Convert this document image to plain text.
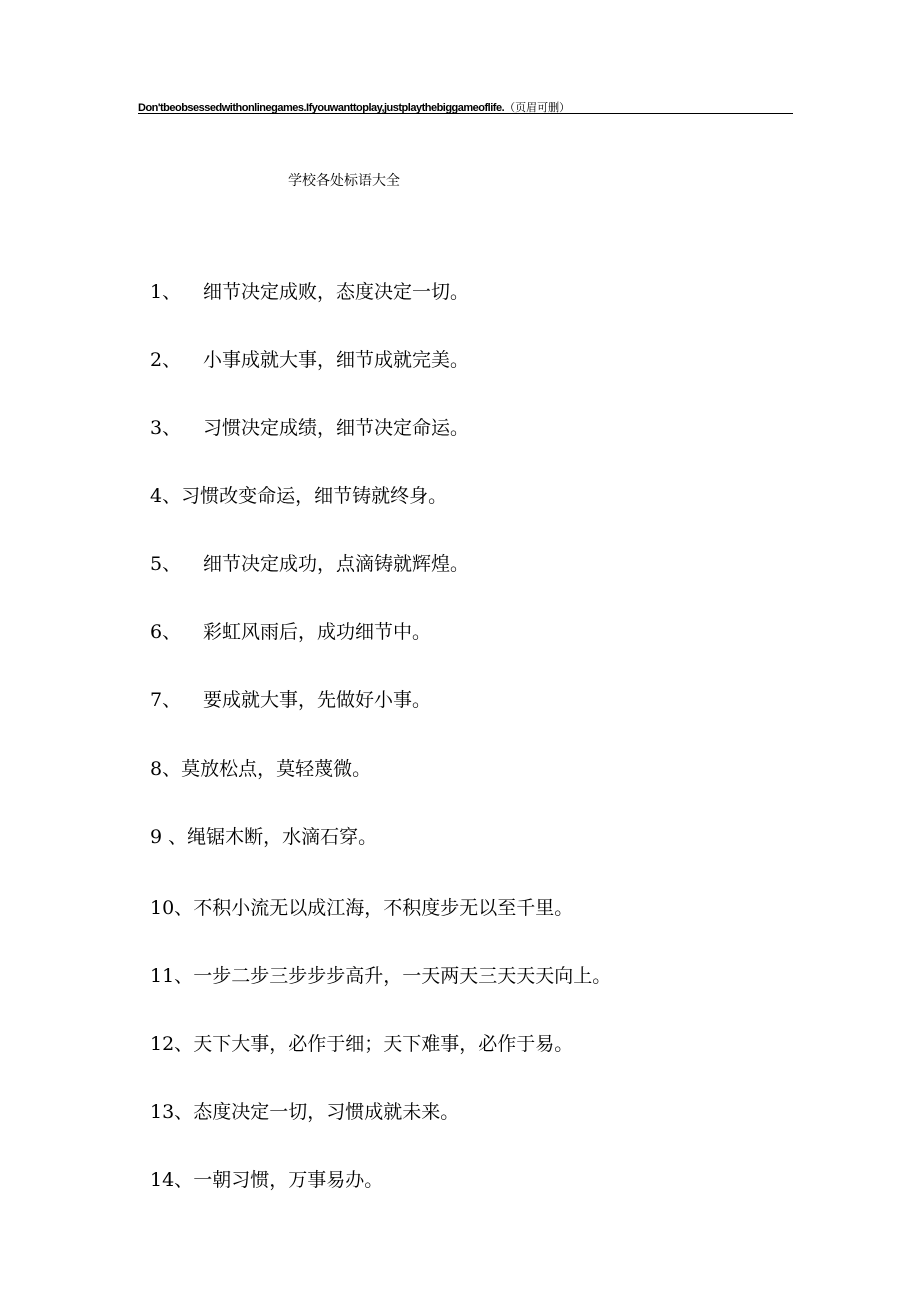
Don'tbeobsessedwithonlinegames.Ifyouwanttoplay,justplaythebiggameoflife.（页眉可删）
学校各处标语大全
1、 细节决定成败，态度决定一切。
2、 小事成就大事，细节成就完美。
3、 习惯决定成绩，细节决定命运。
4、习惯改变命运，细节铸就终身。
5、 细节决定成功，点滴铸就辉煌。
6、 彩虹风雨后，成功细节中。
7、 要成就大事，先做好小事。
8、莫放松点，莫轻蔑微。
9 、绳锯木断，水滴石穿。
10、不积小流无以成江海，不积度步无以至千里。
11、一步二步三步步步高升，一天两天三天天天向上。
12、天下大事，必作于细；天下难事，必作于易。
13、态度决定一切，习惯成就未来。
14、一朝习惯，万事易办。
